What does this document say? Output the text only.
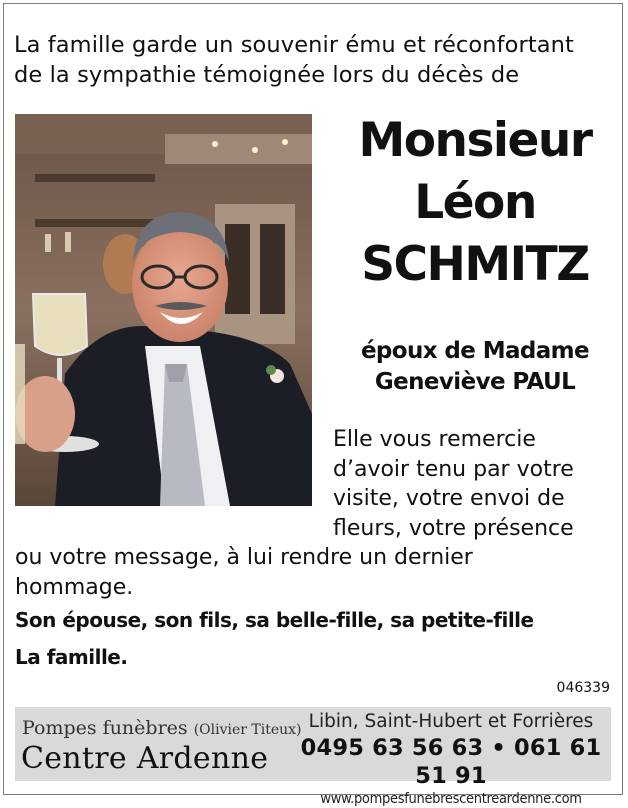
La famille garde un souvenir ému et réconfortant
de la sympathie témoignée lors du décès de
Monsieur
Léon
SCHMITZ
époux de Madame
Geneviève PAUL
Elle vous remercie
d’avoir tenu par votre
visite, votre envoi de
fleurs, votre présence
ou votre message, à lui rendre un dernier
hommage.
Son épouse, son fils, sa belle-fille, sa petite-fille
La famille.
046339
Pompes funèbres (Olivier Titeux)
Centre Ardenne
Libin, Saint-Hubert et Forrières
0495 63 56 63 • 061 61 51 91
www.pompesfunebrescentreardenne.com
